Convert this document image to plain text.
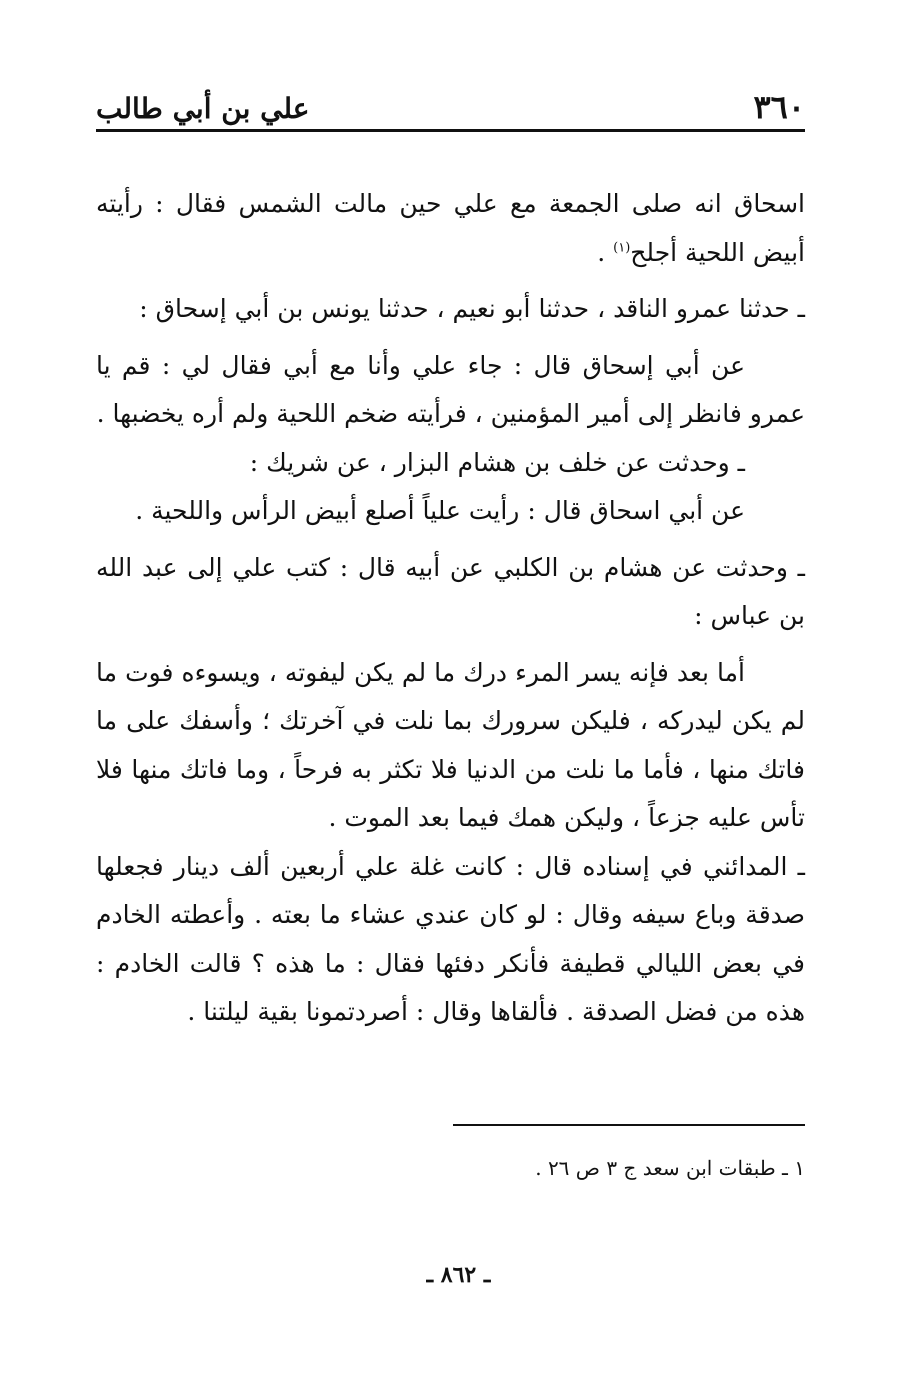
٣٦٠
علي بن أبي طالب

اسحاق انه صلى الجمعة مع علي حين مالت الشمس فقال : رأيته أبيض اللحية أجلح$^{(١)}$ .

ـ حدثنا عمرو الناقد ، حدثنا أبو نعيم ، حدثنا يونس بن أبي إسحاق :

عن أبي إسحاق قال : جاء علي وأنا مع أبي فقال لي : قم يا عمرو فانظر إلى أمير المؤمنين ، فرأيته ضخم اللحية ولم أره يخضبها .

ـ وحدثت عن خلف بن هشام البزار ، عن شريك :

عن أبي اسحاق قال : رأيت علياً أصلع أبيض الرأس واللحية .

ـ وحدثت عن هشام بن الكلبي عن أبيه قال : كتب علي إلى عبد الله بن عباس :

أما بعد فإنه يسر المرء درك ما لم يكن ليفوته ، ويسوءه فوت ما لم يكن ليدركه ، فليكن سرورك بما نلت في آخرتك ؛ وأسفك على ما فاتك منها ، فأما ما نلت من الدنيا فلا تكثر به فرحاً ، وما فاتك منها فلا تأس عليه جزعاً ، وليكن همك فيما بعد الموت .

ـ المدائني في إسناده قال : كانت غلة علي أربعين ألف دينار فجعلها صدقة وباع سيفه وقال : لو كان عندي عشاء ما بعته . وأعطته الخادم في بعض الليالي قطيفة فأنكر دفئها فقال : ما هذه ؟ قالت الخادم : هذه من فضل الصدقة . فألقاها وقال : أصردتمونا بقية ليلتنا .

١ ـ طبقات ابن سعد ج ٣ ص ٢٦ .
ـ ٨٦٢ ـ
